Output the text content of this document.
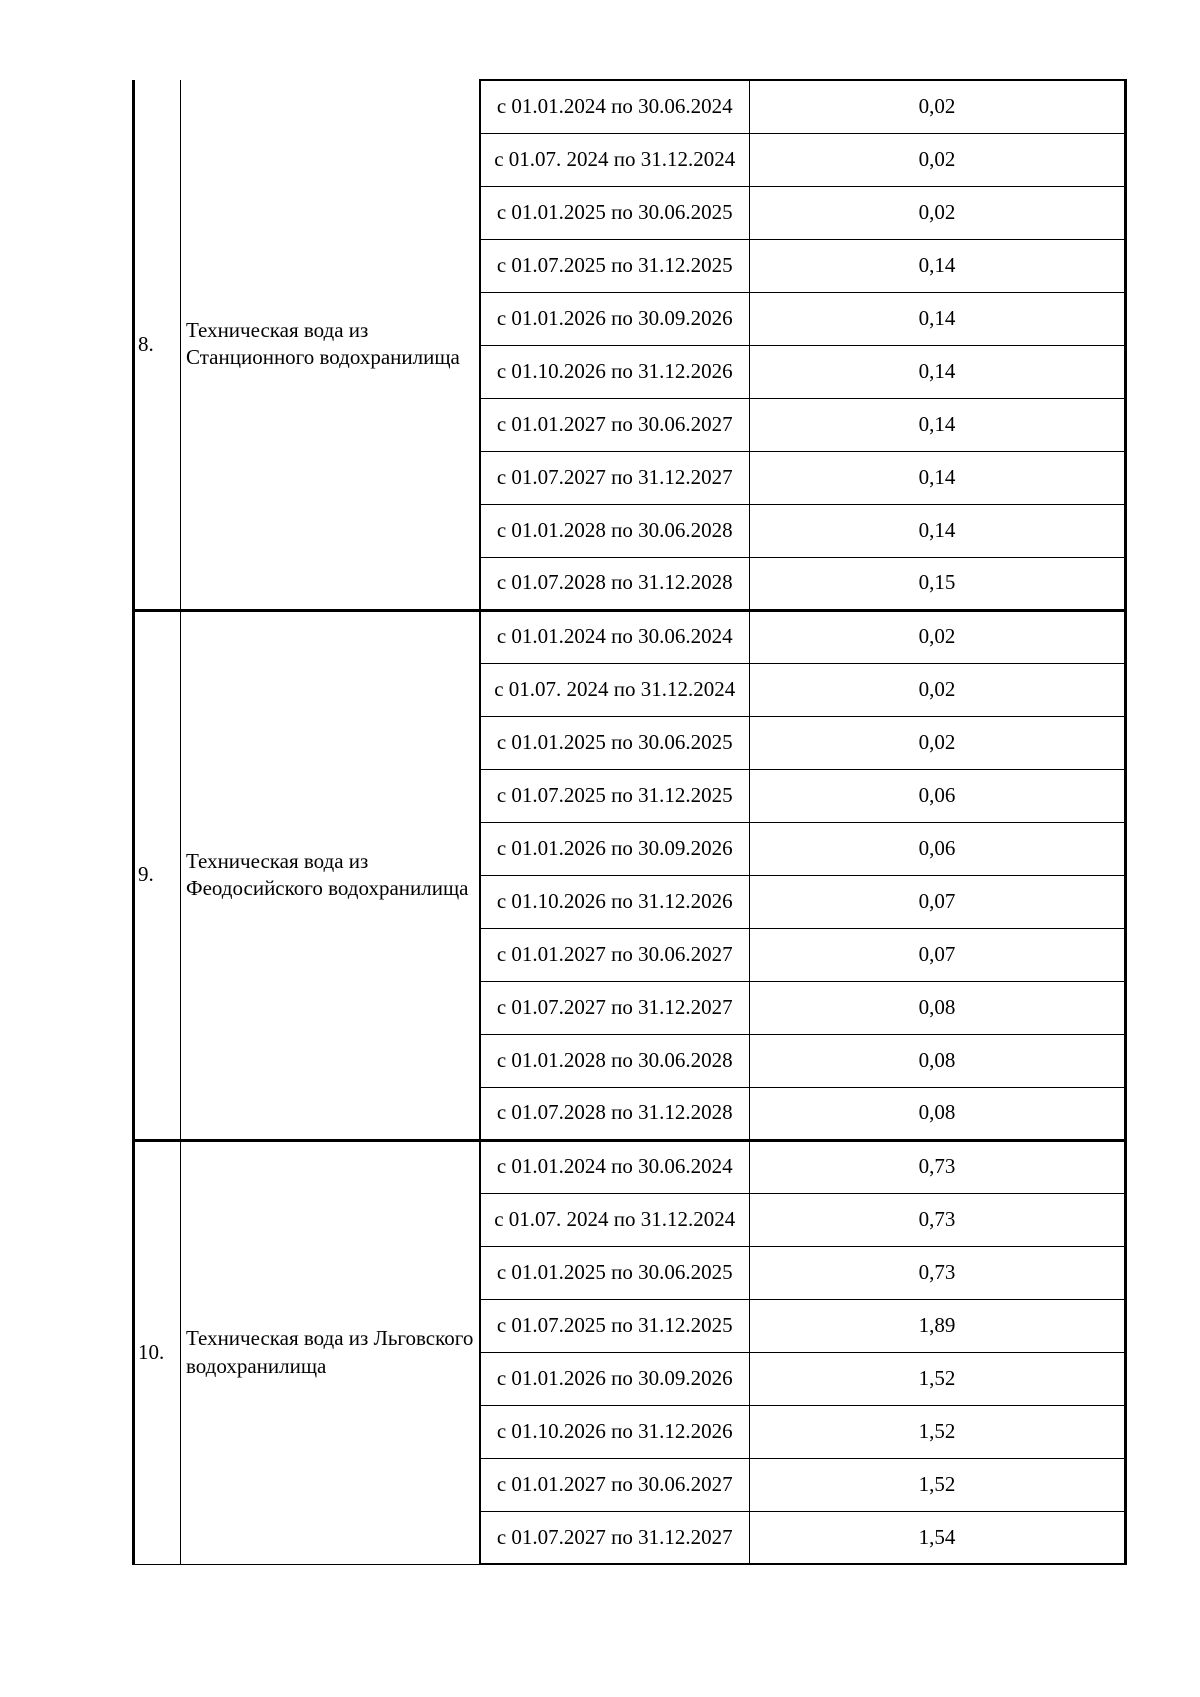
8.	Техническая вода из Станционного водохранилища	с 01.01.2024 по 30.06.2024	0,02
		с 01.07. 2024 по 31.12.2024	0,02
		с 01.01.2025 по 30.06.2025	0,02
		с 01.07.2025 по 31.12.2025	0,14
		с 01.01.2026 по 30.09.2026	0,14
		с 01.10.2026 по 31.12.2026	0,14
		с 01.01.2027 по 30.06.2027	0,14
		с 01.07.2027 по 31.12.2027	0,14
		с 01.01.2028 по 30.06.2028	0,14
		с 01.07.2028 по 31.12.2028	0,15
9.	Техническая вода из Феодосийского водохранилища	с 01.01.2024 по 30.06.2024	0,02
		с 01.07. 2024 по 31.12.2024	0,02
		с 01.01.2025 по 30.06.2025	0,02
		с 01.07.2025 по 31.12.2025	0,06
		с 01.01.2026 по 30.09.2026	0,06
		с 01.10.2026 по 31.12.2026	0,07
		с 01.01.2027 по 30.06.2027	0,07
		с 01.07.2027 по 31.12.2027	0,08
		с 01.01.2028 по 30.06.2028	0,08
		с 01.07.2028 по 31.12.2028	0,08
10.	Техническая вода из Льговского водохранилища	с 01.01.2024 по 30.06.2024	0,73
		с 01.07. 2024 по 31.12.2024	0,73
		с 01.01.2025 по 30.06.2025	0,73
		с 01.07.2025 по 31.12.2025	1,89
		с 01.01.2026 по 30.09.2026	1,52
		с 01.10.2026 по 31.12.2026	1,52
		с 01.01.2027 по 30.06.2027	1,52
		с 01.07.2027 по 31.12.2027	1,54
